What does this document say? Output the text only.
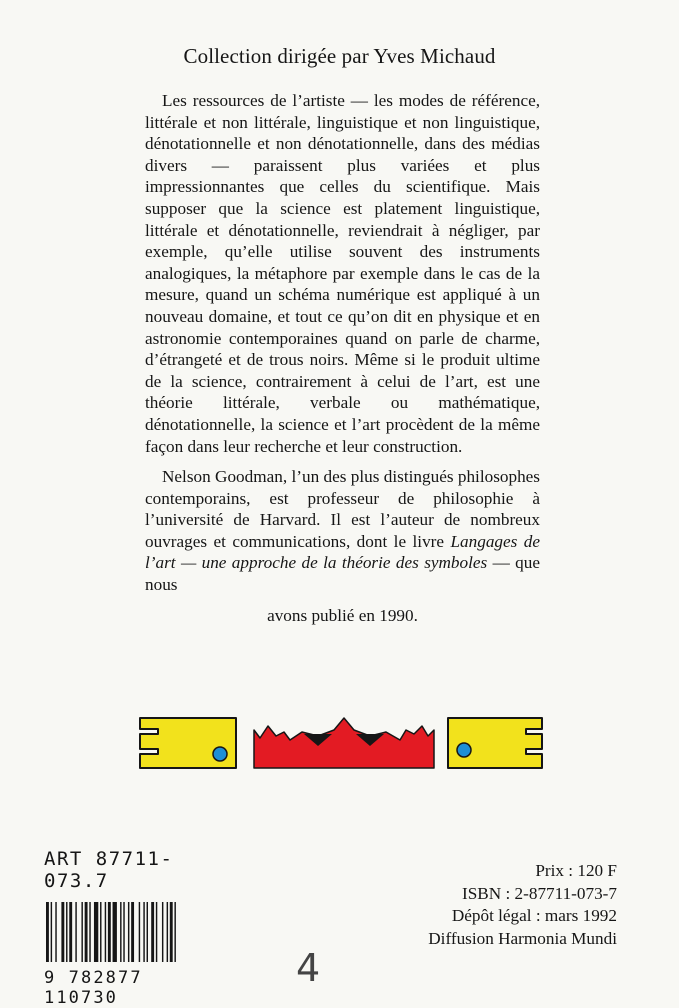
Collection dirigée par Yves Michaud

Les ressources de l’artiste — les modes de référence, littérale et non littérale, linguistique et non linguistique, dénotationnelle et non dénotationnelle, dans des médias divers — paraissent plus variées et plus impressionnantes que celles du scientifique. Mais supposer que la science est platement linguistique, littérale et dénotationnelle, reviendrait à négliger, par exemple, qu’elle utilise souvent des instruments analogiques, la métaphore par exemple dans le cas de la mesure, quand un schéma numérique est appliqué à un nouveau domaine, et tout ce qu’on dit en physique et en astronomie contemporaines quand on parle de charme, d’étrangeté et de trous noirs. Même si le produit ultime de la science, contrairement à celui de l’art, est une théorie littérale, verbale ou mathématique, dénotationnelle, la science et l’art procèdent de la même façon dans leur recherche et leur construction.

Nelson Goodman, l’un des plus distingués philosophes contemporains, est professeur de philosophie à l’université de Harvard. Il est l’auteur de nombreux ouvrages et communications, dont le livre Langages de l’art — une approche de la théorie des symboles — que nous

avons publié en 1990.

ART 87711-073.7
9 782877 110730
Prix : 120 F
ISBN : 2-87711-073-7
Dépôt légal : mars 1992
Diffusion Harmonia Mundi
4
